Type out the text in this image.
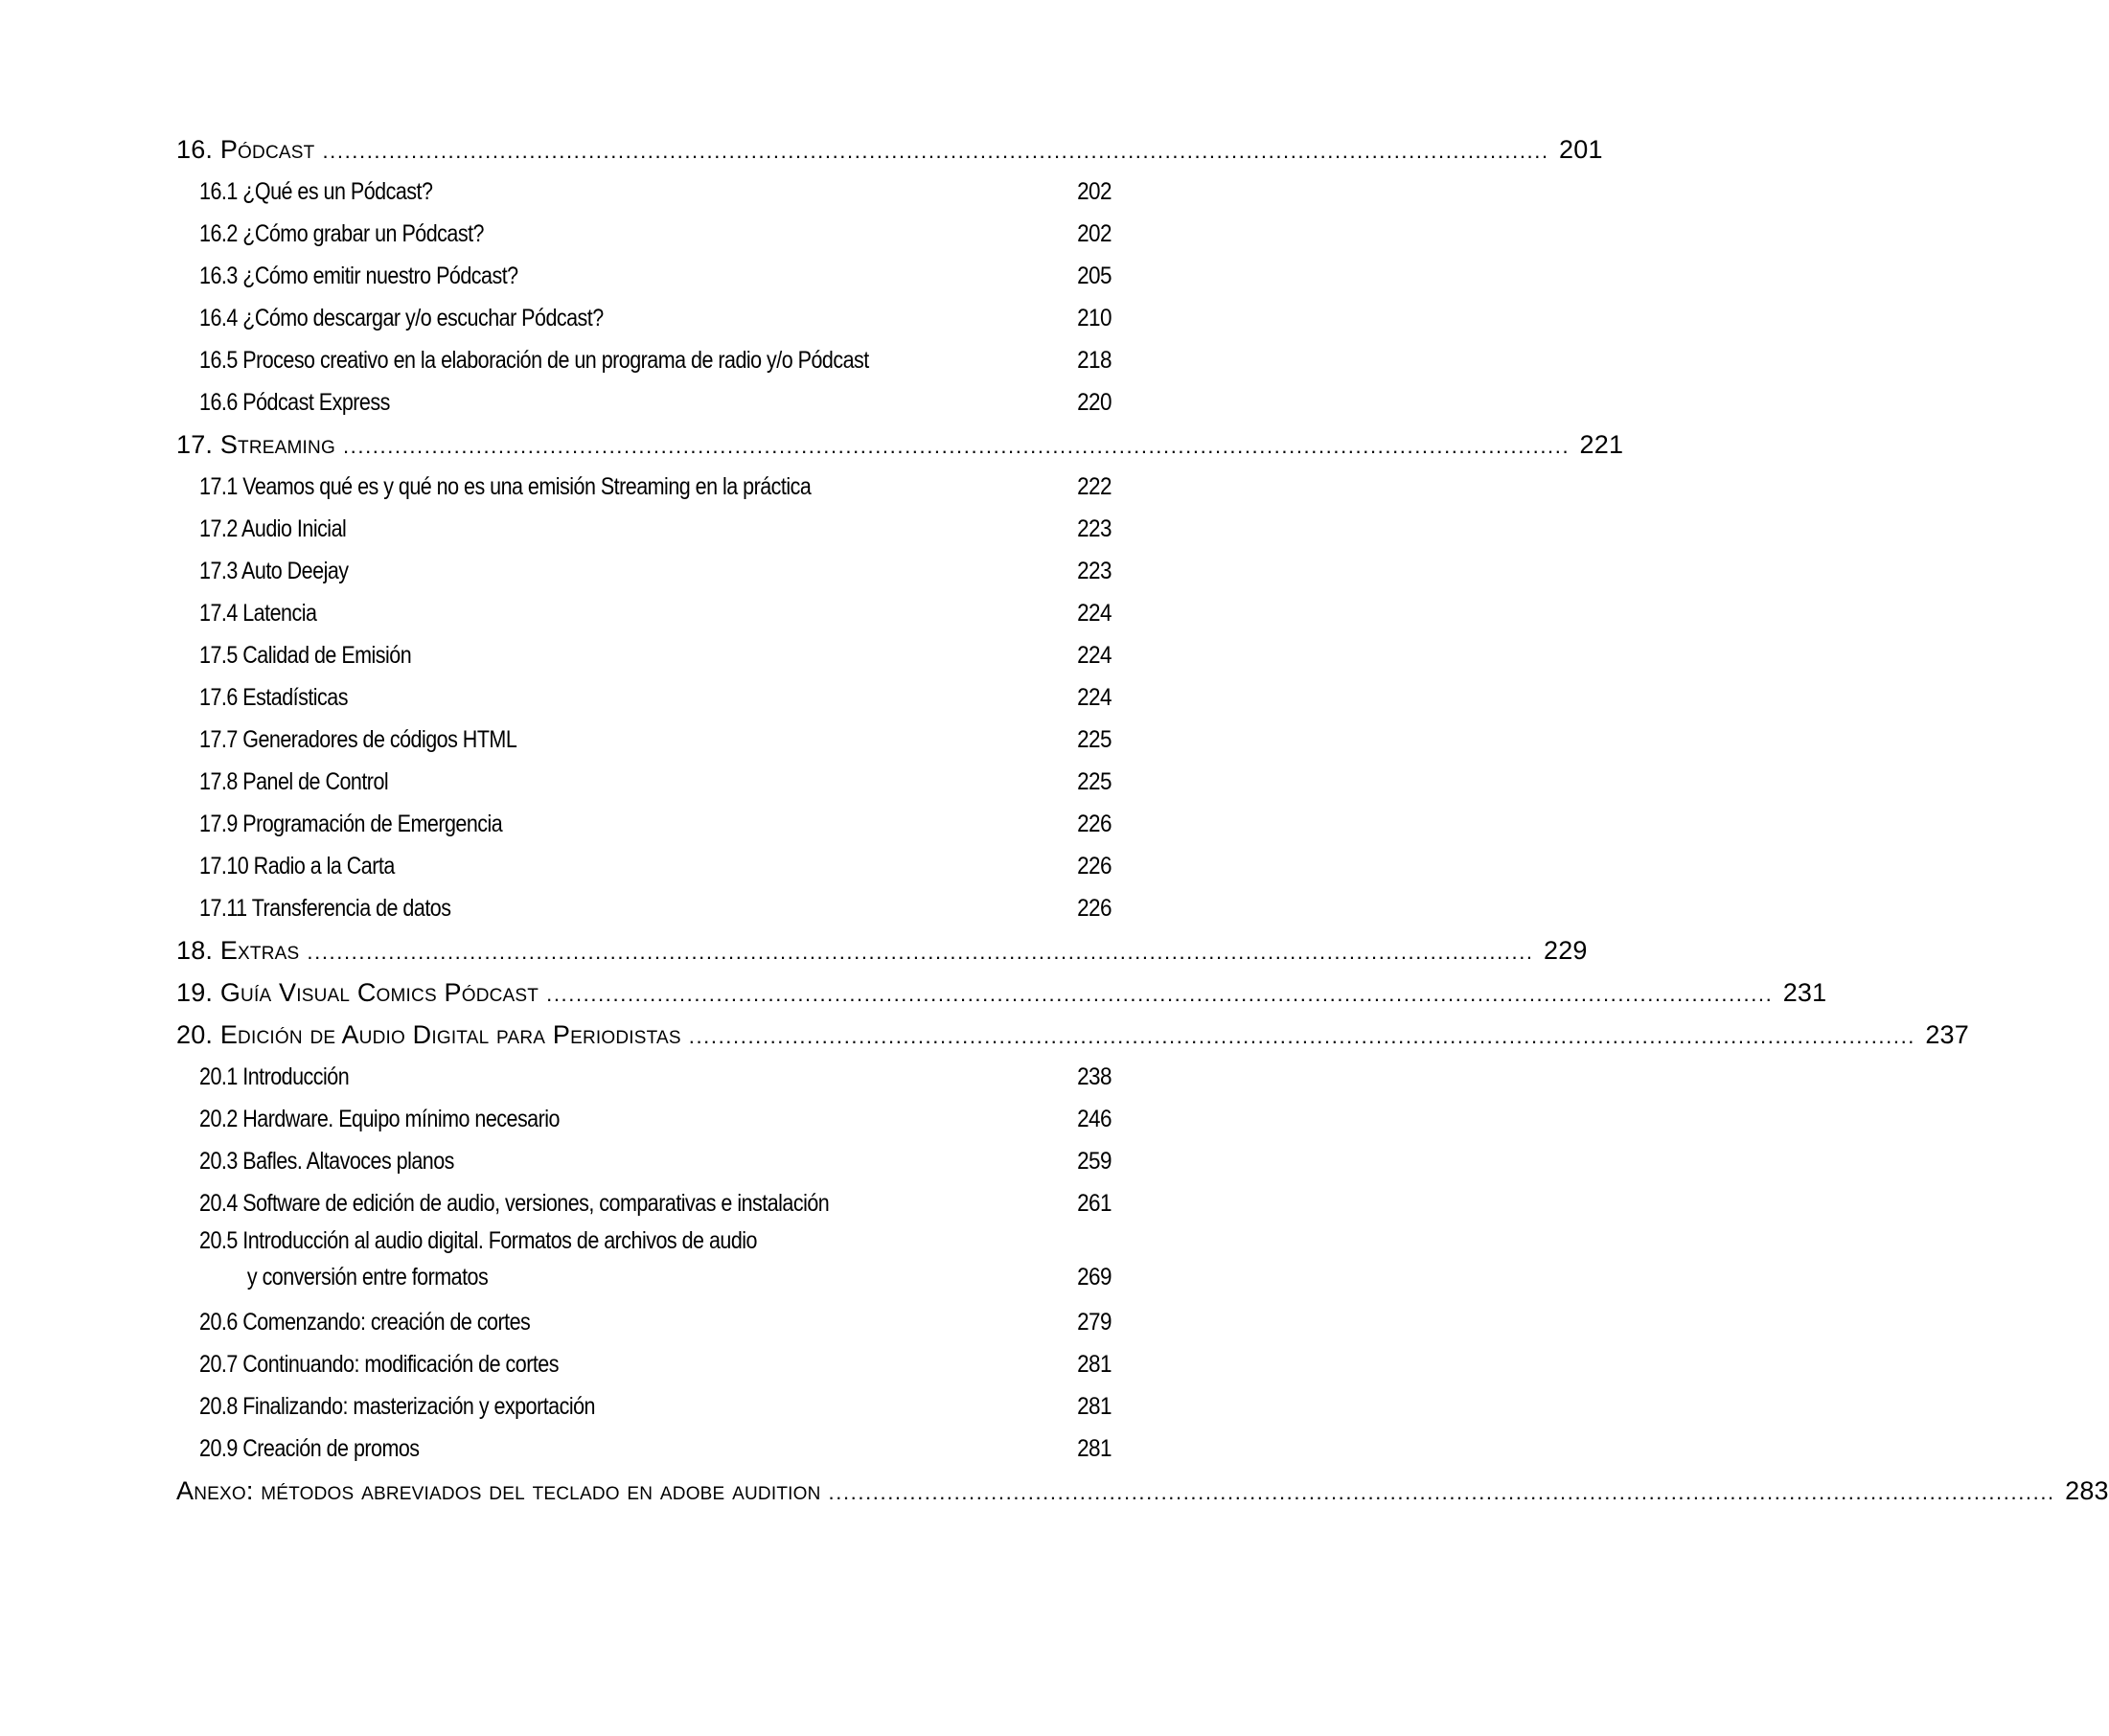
16. Pódcast ...................................................................................................................................................................... 201
16.1 ¿Qué es un Pódcast?	202
16.2 ¿Cómo grabar un Pódcast?	202
16.3 ¿Cómo emitir nuestro Pódcast?	205
16.4 ¿Cómo descargar y/o escuchar Pódcast?	210
16.5 Proceso creativo en la elaboración de un programa de radio y/o Pódcast	218
16.6 Pódcast Express	220
17. Streaming ...................................................................................................................................................................... 221
17.1 Veamos qué es y qué no es una emisión Streaming en la práctica	222
17.2 Audio Inicial	223
17.3 Auto Deejay	223
17.4 Latencia	224
17.5 Calidad de Emisión	224
17.6 Estadísticas	224
17.7 Generadores de códigos HTML	225
17.8 Panel de Control	225
17.9 Programación de Emergencia	226
17.10 Radio a la Carta	226
17.11 Transferencia de datos	226
18. Extras ...................................................................................................................................................................... 229
19. Guía Visual Comics Pódcast ...................................................................................................................................................................... 231
20. Edición de Audio Digital para Periodistas ...................................................................................................................................................................... 237
20.1 Introducción	238
20.2 Hardware. Equipo mínimo necesario	246
20.3 Bafles. Altavoces planos	259
20.4 Software de edición de audio, versiones, comparativas e instalación	261
20.5 Introducción al audio digital. Formatos de archivos de audio
y conversión entre formatos	269
20.6 Comenzando: creación de cortes	279
20.7 Continuando: modificación de cortes	281
20.8 Finalizando: masterización y exportación	281
20.9 Creación de promos	281
Anexo: métodos abreviados del teclado en adobe audition ...................................................................................................................................................................... 283
